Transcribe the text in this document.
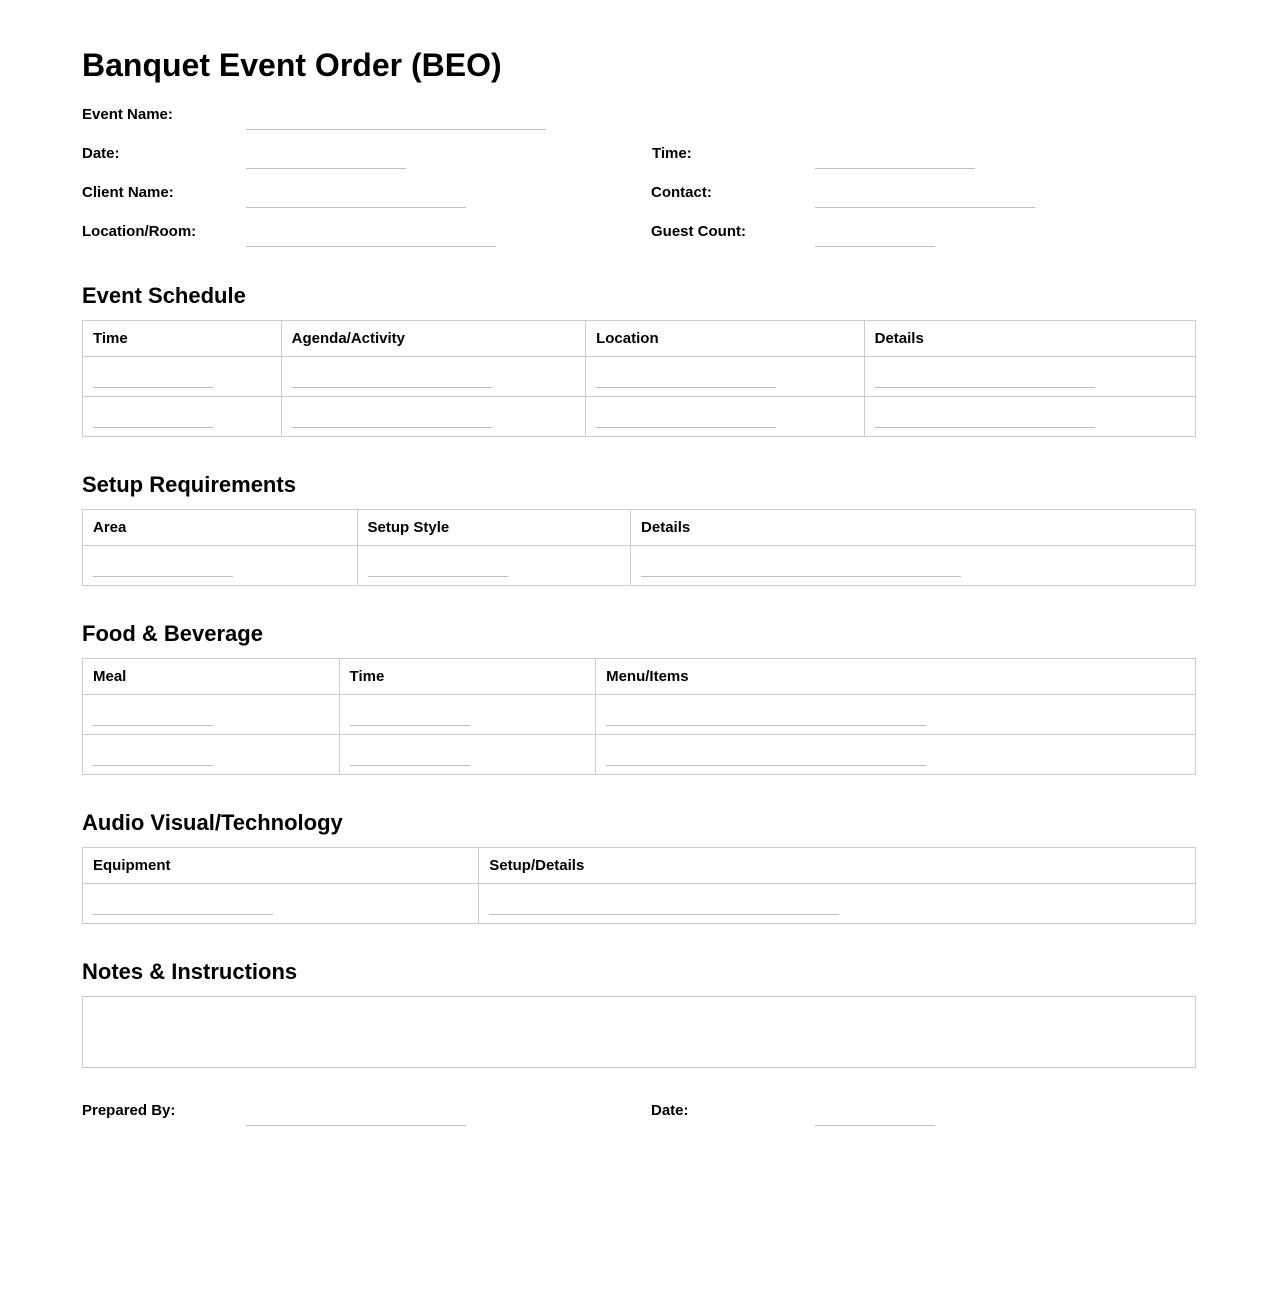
Banquet Event Order (BEO)
Event Name:
Date:	Time:
Client Name:	Contact:
Location/Room:	Guest Count:
Event Schedule
Time	Agenda/Activity	Location	Details
Setup Requirements
Area	Setup Style	Details
Food & Beverage
Meal	Time	Menu/Items
Audio Visual/Technology
Equipment	Setup/Details
Notes & Instructions
Prepared By:	Date:
